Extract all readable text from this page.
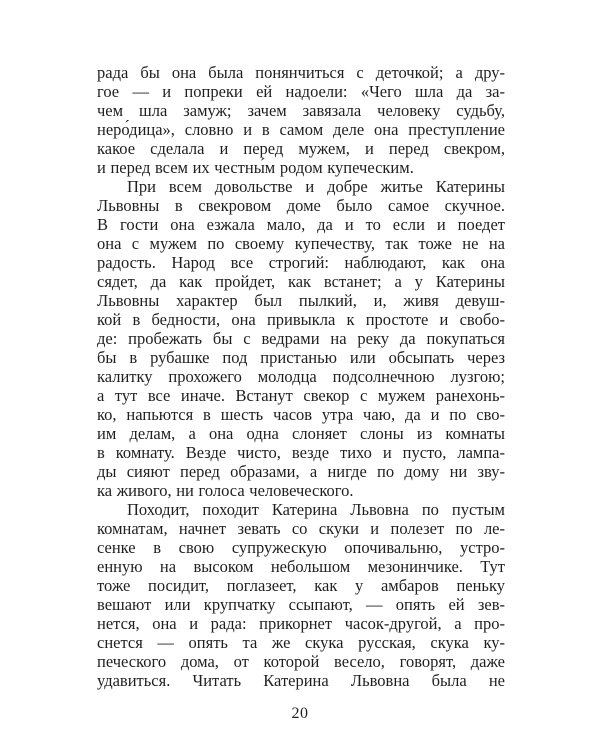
рада бы она была понянчиться с деточкой; а дру-
гое — и попреки ей надоели: «Чего шла да за-
чем шла замуж; зачем завязала человеку судьбу,
неро́дица», словно и в самом деле она преступление
какое сделала и перед мужем, и перед свекром,
и перед всем их честны́м родом купеческим.
При всем довольстве и добре житье Катерины
Львовны в свекровом доме было самое скучное.
В гости она езжала мало, да и то если и поедет
она с мужем по своему купечеству, так тоже не на
радость. Народ все строгий: наблюдают, как она
сядет, да как пройдет, как встанет; а у Катерины
Львовны характер был пылкий, и, живя девуш-
кой в бедности, она привыкла к простоте и свобо-
де: пробежать бы с ведрами на реку да покупаться
бы в рубашке под пристанью или обсыпать через
калитку прохожего молодца подсолнечною лузгою;
а тут все иначе. Встанут свекор с мужем ранехонь-
ко, напьются в шесть часов утра чаю, да и по сво-
им делам, а она одна слоняет слоны из комнаты
в комнату. Везде чисто, везде тихо и пусто, лампа-
ды сияют перед образами, а нигде по дому ни зву-
ка живого, ни голоса человеческого.
Походит, походит Катерина Львовна по пустым
комнатам, начнет зевать со скуки и полезет по ле-
сенке в свою супружескую опочивальню, устро-
енную на высоком небольшом мезонинчике. Тут
тоже посидит, поглазеет, как у амбаров пеньку
вешают или крупчатку ссыпают, — опять ей зев-
нется, она и рада: прикорнет часок-другой, а про-
снется — опять та же скука русская, скука ку-
печеского дома, от которой весело, говорят, даже
удавиться. Читать Катерина Львовна была не
20
